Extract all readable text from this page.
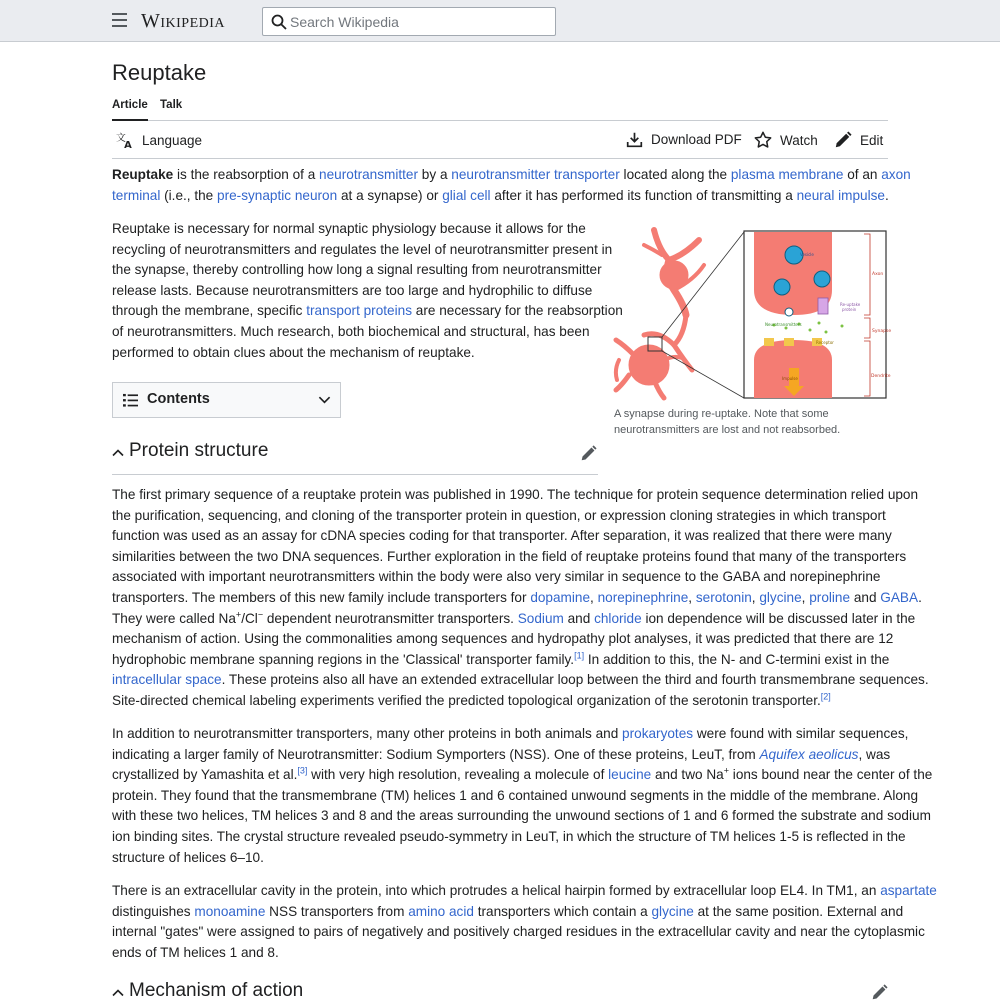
Wikipedia
Search Wikipedia
Reuptake
Article Talk
文
A Language	Download PDF	Watch	Edit
Reuptake is the reabsorption of a neurotransmitter by a neurotransmitter transporter located along the plasma membrane of an axon
terminal (i.e., the pre-synaptic neuron at a synapse) or glial cell after it has performed its function of transmitting a neural impulse.
Reuptake is necessary for normal synaptic physiology because it allows for the
recycling of neurotransmitters and regulates the level of neurotransmitter present in
the synapse, thereby controlling how long a signal resulting from neurotransmitter
release lasts. Because neurotransmitters are too large and hydrophilic to diffuse
through the membrane, specific transport proteins are necessary for the reabsorption
of neurotransmitters. Much research, both biochemical and structural, has been
performed to obtain clues about the mechanism of reuptake.
Vesicle
Axon
Re-uptake
protein
Synapse
Neurotransmitters
Receptor
Dendrite
Impulse
A synapse during re-uptake. Note that some
neurotransmitters are lost and not reabsorbed.
Contents
Protein structure
The first primary sequence of a reuptake protein was published in 1990. The technique for protein sequence determination relied upon
the purification, sequencing, and cloning of the transporter protein in question, or expression cloning strategies in which transport
function was used as an assay for cDNA species coding for that transporter. After separation, it was realized that there were many
similarities between the two DNA sequences. Further exploration in the field of reuptake proteins found that many of the transporters
associated with important neurotransmitters within the body were also very similar in sequence to the GABA and norepinephrine
transporters. The members of this new family include transporters for dopamine, norepinephrine, serotonin, glycine, proline and GABA.
They were called Na+/Cl− dependent neurotransmitter transporters. Sodium and chloride ion dependence will be discussed later in the
mechanism of action. Using the commonalities among sequences and hydropathy plot analyses, it was predicted that there are 12
hydrophobic membrane spanning regions in the 'Classical' transporter family.[1] In addition to this, the N- and C-termini exist in the
intracellular space. These proteins also all have an extended extracellular loop between the third and fourth transmembrane sequences.
Site-directed chemical labeling experiments verified the predicted topological organization of the serotonin transporter.[2]
In addition to neurotransmitter transporters, many other proteins in both animals and prokaryotes were found with similar sequences,
indicating a larger family of Neurotransmitter: Sodium Symporters (NSS). One of these proteins, LeuT, from Aquifex aeolicus, was
crystallized by Yamashita et al.[3] with very high resolution, revealing a molecule of leucine and two Na+ ions bound near the center of the
protein. They found that the transmembrane (TM) helices 1 and 6 contained unwound segments in the middle of the membrane. Along
with these two helices, TM helices 3 and 8 and the areas surrounding the unwound sections of 1 and 6 formed the substrate and sodium
ion binding sites. The crystal structure revealed pseudo-symmetry in LeuT, in which the structure of TM helices 1-5 is reflected in the
structure of helices 6–10.
There is an extracellular cavity in the protein, into which protrudes a helical hairpin formed by extracellular loop EL4. In TM1, an aspartate
distinguishes monoamine NSS transporters from amino acid transporters which contain a glycine at the same position. External and
internal "gates" were assigned to pairs of negatively and positively charged residues in the extracellular cavity and near the cytoplasmic
ends of TM helices 1 and 8.
Mechanism of action
